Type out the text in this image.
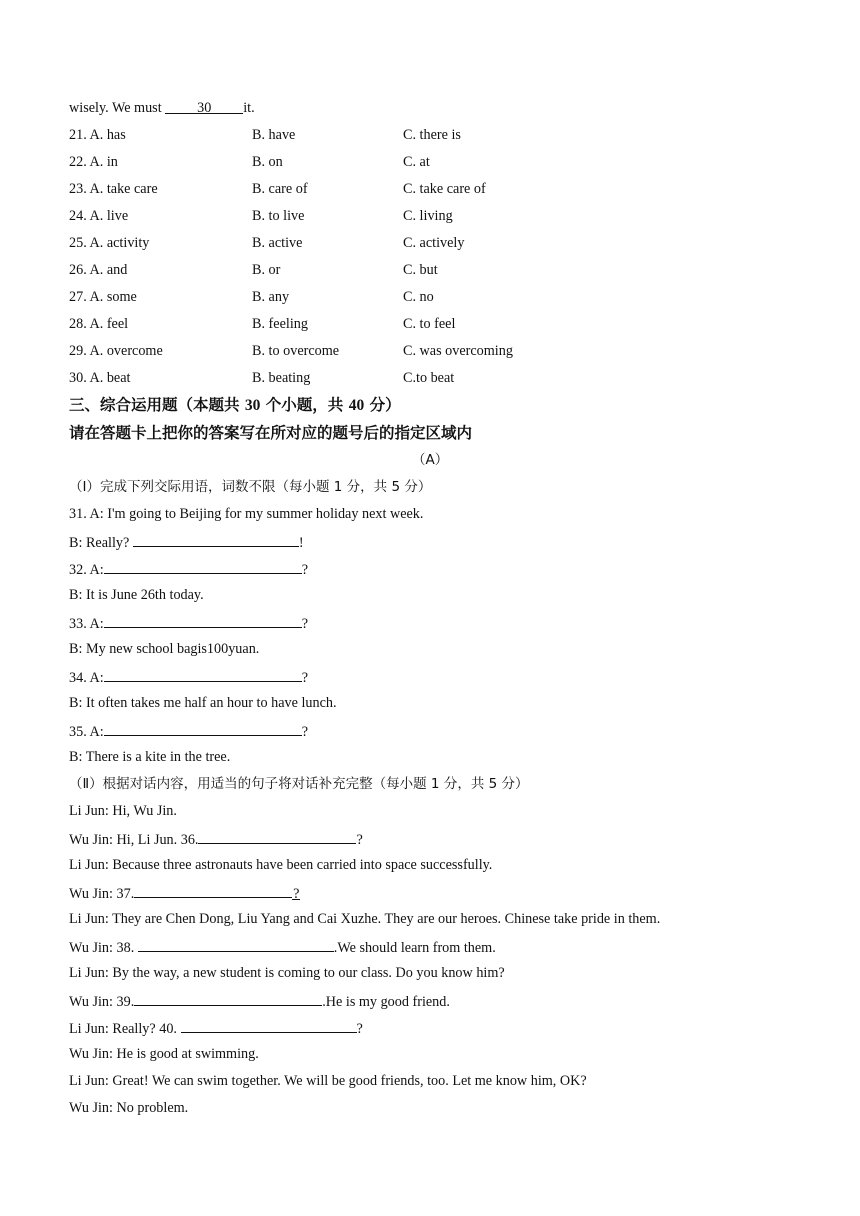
wisely. We must 30 it.
21. A. has	B. have	C. there is
22. A. in	B. on	C. at
23. A. take care	B. care of	C. take care of
24. A. live	B. to live	C. living
25. A. activity	B. active	C. actively
26. A. and	B. or	C. but
27. A. some	B. any	C. no
28. A. feel	B. feeling	C. to feel
29. A. overcome	B. to overcome	C. was overcoming
30. A. beat	B. beating	C.to beat
三、综合运用题（本题共 30 个小题，共 40 分）
请在答题卡上把你的答案写在所对应的题号后的指定区域内
（A）
（Ⅰ）完成下列交际用语，词数不限（每小题 1 分，共 5 分）
31. A: I'm going to Beijing for my summer holiday next week.
B: Really?	!
32. A:	?
B: It is June 26th today.
33. A:	?
B: My new school bagis100yuan.
34. A:	?
B: It often takes me half an hour to have lunch.
35. A:	?
B: There is a kite in the tree.
（Ⅱ）根据对话内容，用适当的句子将对话补充完整（每小题 1 分，共 5 分）
Li Jun: Hi, Wu Jin.
Wu Jin: Hi, Li Jun. 36.	?
Li Jun: Because three astronauts have been carried into space successfully.
Wu Jin: 37.	?
Li Jun: They are Chen Dong, Liu Yang and Cai Xuzhe. They are our heroes. Chinese take pride in them.
Wu Jin: 38.	.We should learn from them.
Li Jun: By the way, a new student is coming to our class. Do you know him?
Wu Jin: 39.	.He is my good friend.
Li Jun: Really? 40.	?
Wu Jin: He is good at swimming.
Li Jun: Great! We can swim together. We will be good friends, too. Let me know him, OK?
Wu Jin: No problem.
